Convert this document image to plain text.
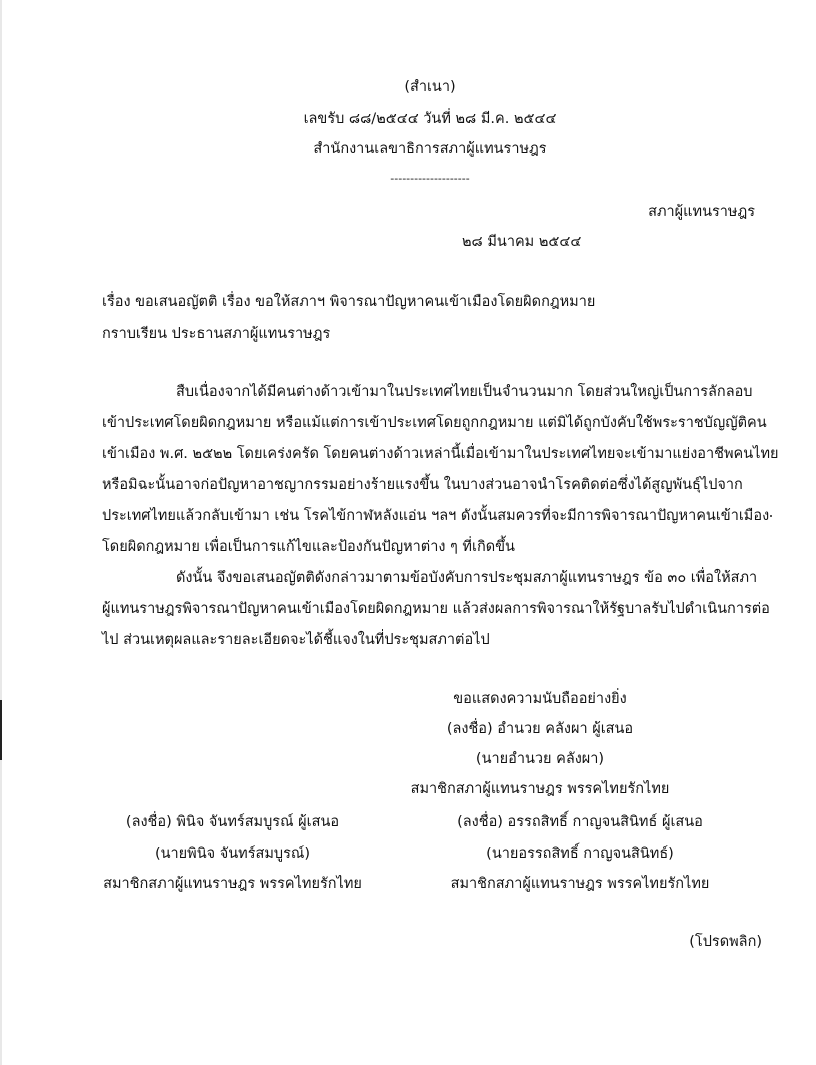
(สำเนา)
เลขรับ ๘๘/๒๕๔๔ วันที่ ๒๘ มี.ค. ๒๕๔๔
สำนักงานเลขาธิการสภาผู้แทนราษฎร
--------------------
สภาผู้แทนราษฎร
๒๘ มีนาคม ๒๕๔๔
เรื่อง ขอเสนอญัตติ เรื่อง ขอให้สภาฯ พิจารณาปัญหาคนเข้าเมืองโดยผิดกฎหมาย
กราบเรียน ประธานสภาผู้แทนราษฎร
สืบเนื่องจากได้มีคนต่างด้าวเข้ามาในประเทศไทยเป็นจำนวนมาก โดยส่วนใหญ่เป็นการลักลอบ
เข้าประเทศโดยผิดกฎหมาย หรือแม้แต่การเข้าประเทศโดยถูกกฎหมาย แต่มิได้ถูกบังคับใช้พระราชบัญญัติคน
เข้าเมือง พ.ศ. ๒๕๒๒ โดยเคร่งครัด โดยคนต่างด้าวเหล่านี้เมื่อเข้ามาในประเทศไทยจะเข้ามาแย่งอาชีพคนไทย
หรือมิฉะนั้นอาจก่อปัญหาอาชญากรรมอย่างร้ายแรงขึ้น ในบางส่วนอาจนำโรคติดต่อซึ่งได้สูญพันธุ์ไปจาก
ประเทศไทยแล้วกลับเข้ามา เช่น โรคไข้กาฬหลังแอ่น ฯลฯ ดังนั้นสมควรที่จะมีการพิจารณาปัญหาคนเข้าเมือง
โดยผิดกฎหมาย เพื่อเป็นการแก้ไขและป้องกันปัญหาต่าง ๆ ที่เกิดขึ้น
ดังนั้น จึงขอเสนอญัตติดังกล่าวมาตามข้อบังคับการประชุมสภาผู้แทนราษฎร ข้อ ๓๐ เพื่อให้สภา
ผู้แทนราษฎรพิจารณาปัญหาคนเข้าเมืองโดยผิดกฎหมาย แล้วส่งผลการพิจารณาให้รัฐบาลรับไปดำเนินการต่อ
ไป ส่วนเหตุผลและรายละเอียดจะได้ชี้แจงในที่ประชุมสภาต่อไป
ขอแสดงความนับถืออย่างยิ่ง
(ลงชื่อ) อำนวย คลังผา ผู้เสนอ
(นายอำนวย คลังผา)
สมาชิกสภาผู้แทนราษฎร พรรคไทยรักไทย
(ลงชื่อ) พินิจ จันทร์สมบูรณ์ ผู้เสนอ
(นายพินิจ จันทร์สมบูรณ์)
สมาชิกสภาผู้แทนราษฎร พรรคไทยรักไทย
(ลงชื่อ) อรรถสิทธิ์ กาญจนสินิทธ์ ผู้เสนอ
(นายอรรถสิทธิ์ กาญจนสินิทธ์)
สมาชิกสภาผู้แทนราษฎร พรรคไทยรักไทย
(โปรดพลิก)
